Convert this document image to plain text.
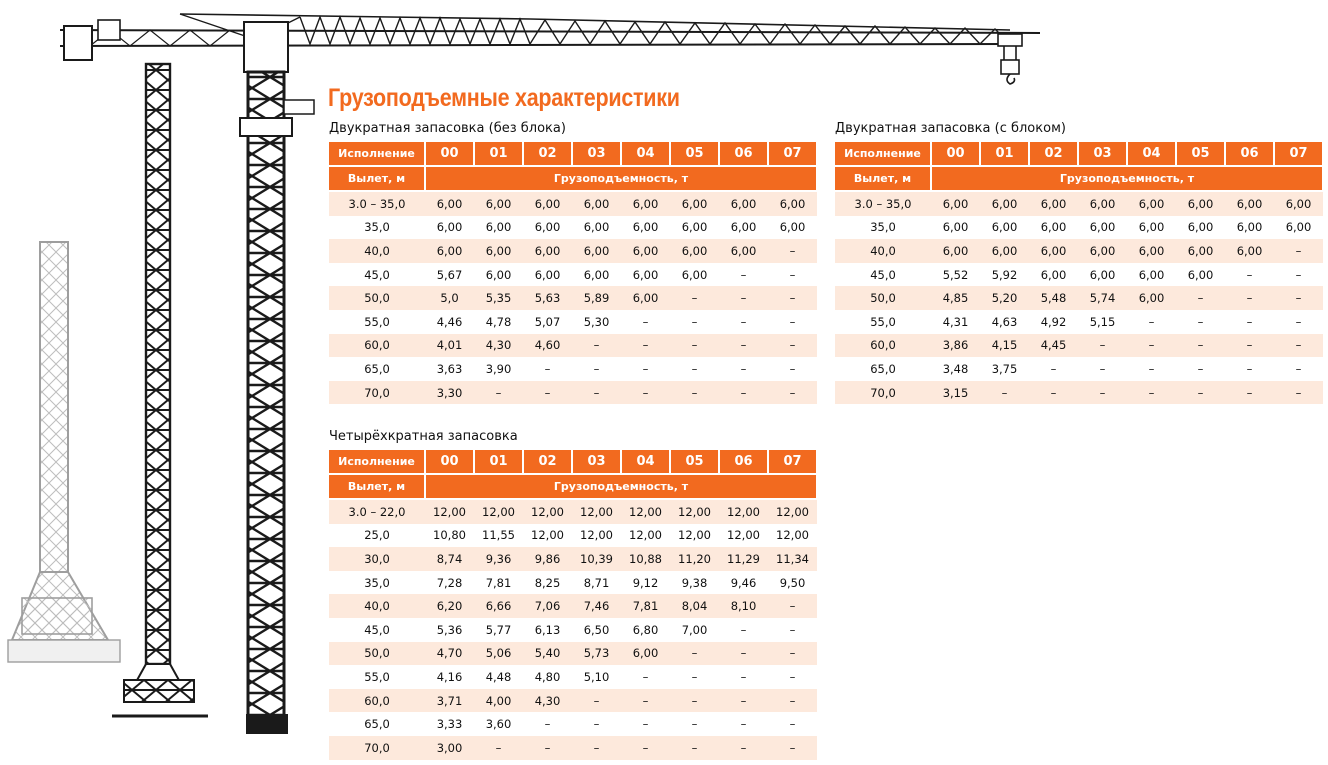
Грузоподъемные характеристики
Двукратная запасовка (без блока)	Двукратная запасовка (с блоком)
Четырёхкратная запасовка
Исполнение	00	01	02	03	04	05	06	07
Вылет, м	Грузоподъемность, т							
3.0 – 35,0	6,00	6,00	6,00	6,00	6,00	6,00	6,00	6,00
35,0	6,00	6,00	6,00	6,00	6,00	6,00	6,00	6,00
40,0	6,00	6,00	6,00	6,00	6,00	6,00	6,00	–
45,0	5,67	6,00	6,00	6,00	6,00	6,00	–	–
50,0	5,0	5,35	5,63	5,89	6,00	–	–	–
55,0	4,46	4,78	5,07	5,30	–	–	–	–
60,0	4,01	4,30	4,60	–	–	–	–	–
65,0	3,63	3,90	–	–	–	–	–	–
70,0	3,30	–	–	–	–	–	–	–
Исполнение	00	01	02	03	04	05	06	07
Вылет, м	Грузоподъемность, т							
3.0 – 35,0	6,00	6,00	6,00	6,00	6,00	6,00	6,00	6,00
35,0	6,00	6,00	6,00	6,00	6,00	6,00	6,00	6,00
40,0	6,00	6,00	6,00	6,00	6,00	6,00	6,00	–
45,0	5,52	5,92	6,00	6,00	6,00	6,00	–	–
50,0	4,85	5,20	5,48	5,74	6,00	–	–	–
55,0	4,31	4,63	4,92	5,15	–	–	–	–
60,0	3,86	4,15	4,45	–	–	–	–	–
65,0	3,48	3,75	–	–	–	–	–	–
70,0	3,15	–	–	–	–	–	–	–
Исполнение	00	01	02	03	04	05	06	07
Вылет, м	Грузоподъемность, т							
3.0 – 22,0	12,00	12,00	12,00	12,00	12,00	12,00	12,00	12,00
25,0	10,80	11,55	12,00	12,00	12,00	12,00	12,00	12,00
30,0	8,74	9,36	9,86	10,39	10,88	11,20	11,29	11,34
35,0	7,28	7,81	8,25	8,71	9,12	9,38	9,46	9,50
40,0	6,20	6,66	7,06	7,46	7,81	8,04	8,10	–
45,0	5,36	5,77	6,13	6,50	6,80	7,00	–	–
50,0	4,70	5,06	5,40	5,73	6,00	–	–	–
55,0	4,16	4,48	4,80	5,10	–	–	–	–
60,0	3,71	4,00	4,30	–	–	–	–	–
65,0	3,33	3,60	–	–	–	–	–	–
70,0	3,00	–	–	–	–	–	–	–
